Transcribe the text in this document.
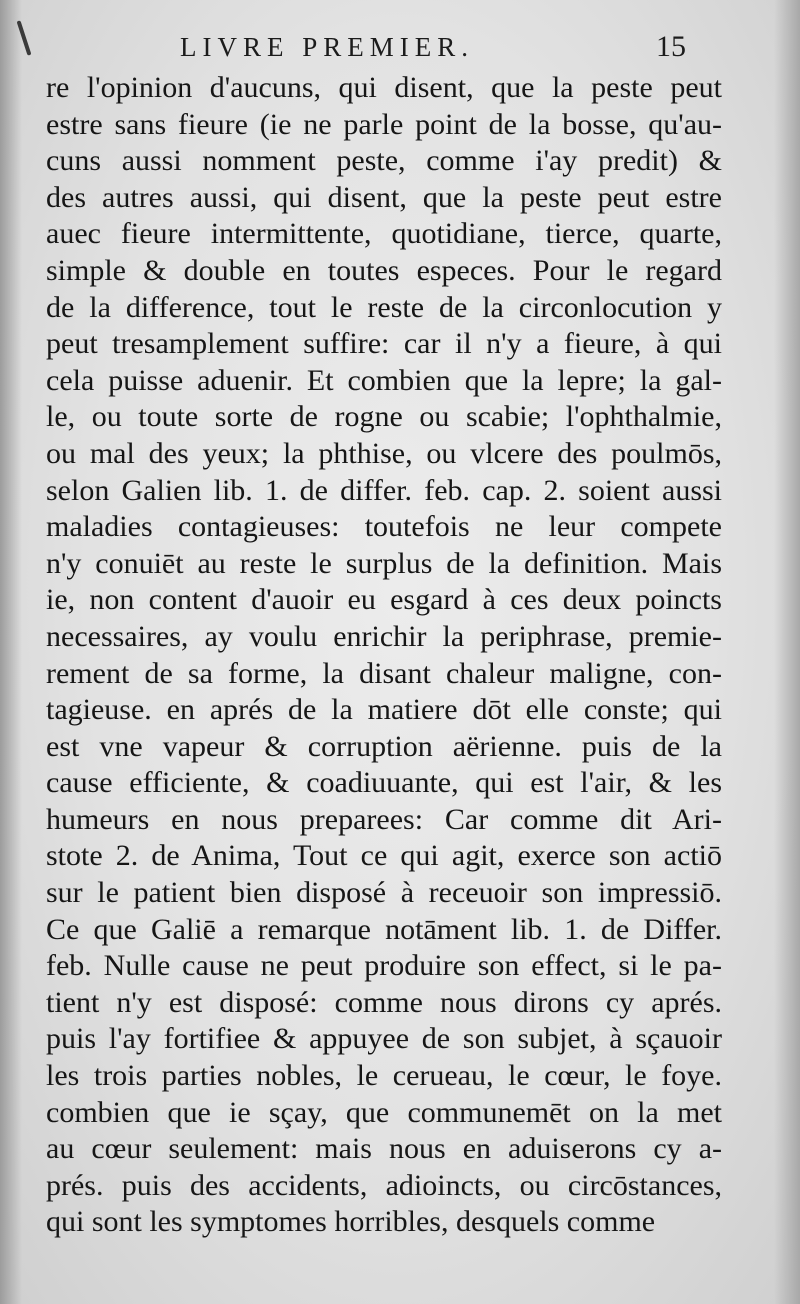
LIVRE PREMIER.	15
re l'opinion d'aucuns, qui disent, que la peste peut
estre sans fieure (ie ne parle point de la bosse, qu'au-
cuns aussi nomment peste, comme i'ay predit) &
des autres aussi, qui disent, que la peste peut estre
auec fieure intermittente, quotidiane, tierce, quarte,
simple & double en toutes especes. Pour le regard
de la difference, tout le reste de la circonlocution y
peut tresamplement suffire: car il n'y a fieure, à qui
cela puisse aduenir. Et combien que la lepre; la gal-
le, ou toute sorte de rogne ou scabie; l'ophthalmie,
ou mal des yeux; la phthise, ou vlcere des poulmōs,
selon Galien lib. 1. de differ. feb. cap. 2. soient aussi
maladies contagieuses: toutefois ne leur compete
n'y conuiēt au reste le surplus de la definition. Mais
ie, non content d'auoir eu esgard à ces deux poincts
necessaires, ay voulu enrichir la periphrase, premie-
rement de sa forme, la disant chaleur maligne, con-
tagieuse. en aprés de la matiere dōt elle conste; qui
est vne vapeur & corruption aërienne. puis de la
cause efficiente, & coadiuuante, qui est l'air, & les
humeurs en nous preparees: Car comme dit Ari-
stote 2. de Anima, Tout ce qui agit, exerce son actiō
sur le patient bien disposé à receuoir son impressiō.
Ce que Galiē a remarque notāment lib. 1. de Differ.
feb. Nulle cause ne peut produire son effect, si le pa-
tient n'y est disposé: comme nous dirons cy aprés.
puis l'ay fortifiee & appuyee de son subjet, à sçauoir
les trois parties nobles, le cerueau, le cœur, le foye.
combien que ie sçay, que communemēt on la met
au cœur seulement: mais nous en aduiserons cy a-
prés. puis des accidents, adioincts, ou circōstances,
qui sont les symptomes horribles, desquels comme
